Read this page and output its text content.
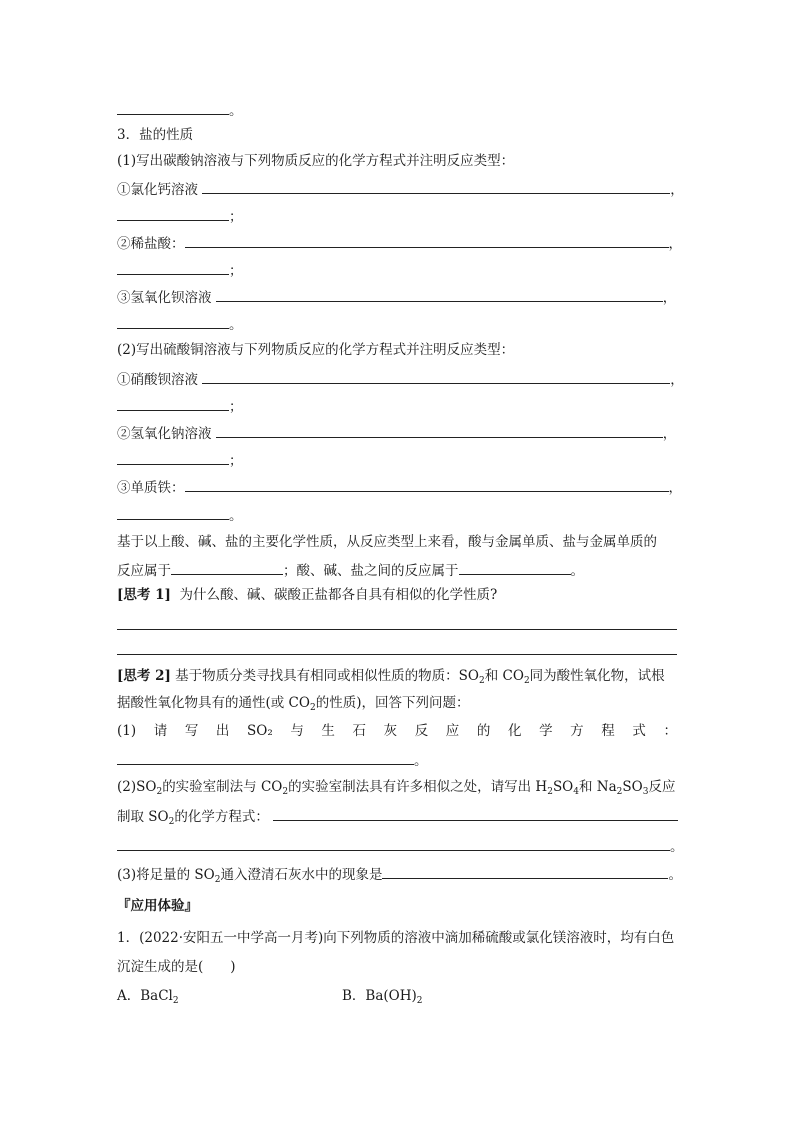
。
3．盐的性质
(1)写出碳酸钠溶液与下列物质反应的化学方程式并注明反应类型：
①氯化钙溶液	，
；
②稀盐酸：	，
；
③氢氧化钡溶液	，
。
(2)写出硫酸铜溶液与下列物质反应的化学方程式并注明反应类型：
①硝酸钡溶液	，
；
②氢氧化钠溶液	，
；
③单质铁：	，
。
基于以上酸、碱、盐的主要化学性质，从反应类型上来看，酸与金属单质、盐与金属单质的
反应属于	；酸、碱、盐之间的反应属于	。
[思考 1] 为什么酸、碱、碳酸正盐都各自具有相似的化学性质?
[思考 2] 基于物质分类寻找具有相同或相似性质的物质：$SO_2$和 $CO_2$同为酸性氧化物，试根
据酸性氧化物具有的通性(或 $CO_2$的性质)，回答下列问题：
(1) 请 写 出 SO₂ 与 生 石 灰 反 应 的 化 学 方 程 式 ：
。
$(2)SO_2$的实验室制法与 $CO_2$的实验室制法具有许多相似之处，请写出 $H_2SO_4$和 $Na_2SO_3$反应
制取 $SO_2$的化学方程式：
。
(3)将足量的 $SO_2$通入澄清石灰水中的现象是	。
『应用体验』
1．(2022·安阳五一中学高一月考)向下列物质的溶液中滴加稀硫酸或氯化镁溶液时，均有白色
沉淀生成的是(　　)
A．BaCl$_2$	B．$Ba(OH)_2$
